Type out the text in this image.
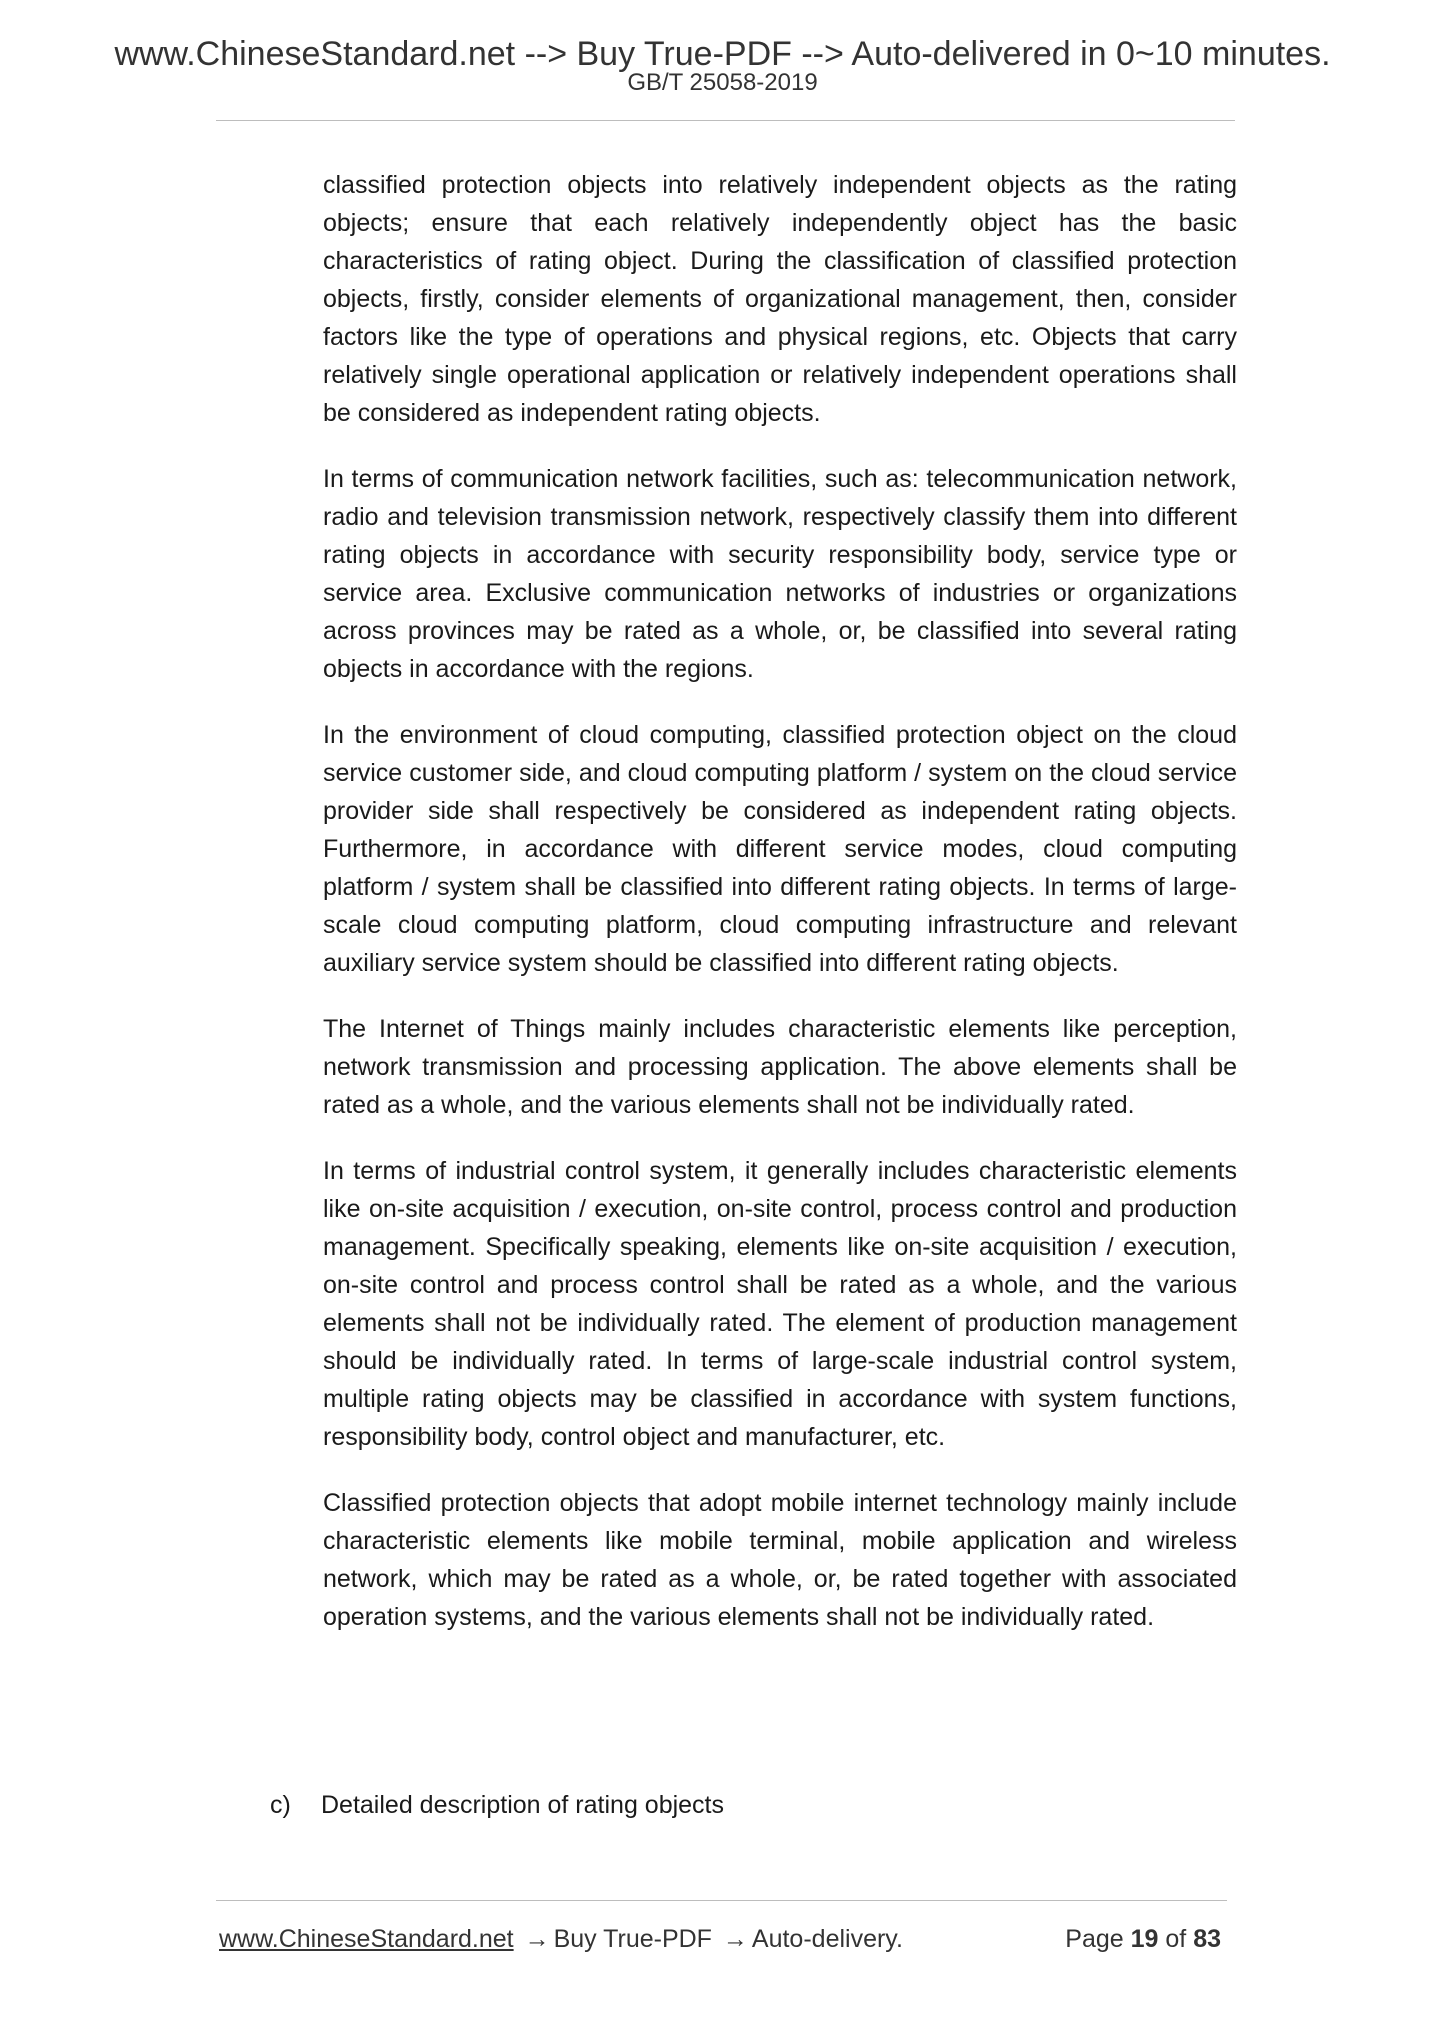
www.ChineseStandard.net --> Buy True-PDF --> Auto-delivered in 0~10 minutes.
GB/T 25058-2019

classified protection objects into relatively independent objects as the rating objects; ensure that each relatively independently object has the basic characteristics of rating object. During the classification of classified protection objects, firstly, consider elements of organizational management, then, consider factors like the type of operations and physical regions, etc. Objects that carry relatively single operational application or relatively independent operations shall be considered as independent rating objects.

In terms of communication network facilities, such as: telecommunication network, radio and television transmission network, respectively classify them into different rating objects in accordance with security responsibility body, service type or service area. Exclusive communication networks of industries or organizations across provinces may be rated as a whole, or, be classified into several rating objects in accordance with the regions.

In the environment of cloud computing, classified protection object on the cloud service customer side, and cloud computing platform / system on the cloud service provider side shall respectively be considered as independent rating objects. Furthermore, in accordance with different service modes, cloud computing platform / system shall be classified into different rating objects. In terms of large-scale cloud computing platform, cloud computing infrastructure and relevant auxiliary service system should be classified into different rating objects.

The Internet of Things mainly includes characteristic elements like perception, network transmission and processing application. The above elements shall be rated as a whole, and the various elements shall not be individually rated.

In terms of industrial control system, it generally includes characteristic elements like on-site acquisition / execution, on-site control, process control and production management. Specifically speaking, elements like on-site acquisition / execution, on-site control and process control shall be rated as a whole, and the various elements shall not be individually rated. The element of production management should be individually rated. In terms of large-scale industrial control system, multiple rating objects may be classified in accordance with system functions, responsibility body, control object and manufacturer, etc.

Classified protection objects that adopt mobile internet technology mainly include characteristic elements like mobile terminal, mobile application and wireless network, which may be rated as a whole, or, be rated together with associated operation systems, and the various elements shall not be individually rated.

c) Detailed description of rating objects
www.ChineseStandard.net → Buy True-PDF → Auto-delivery.	Page 19 of 83
